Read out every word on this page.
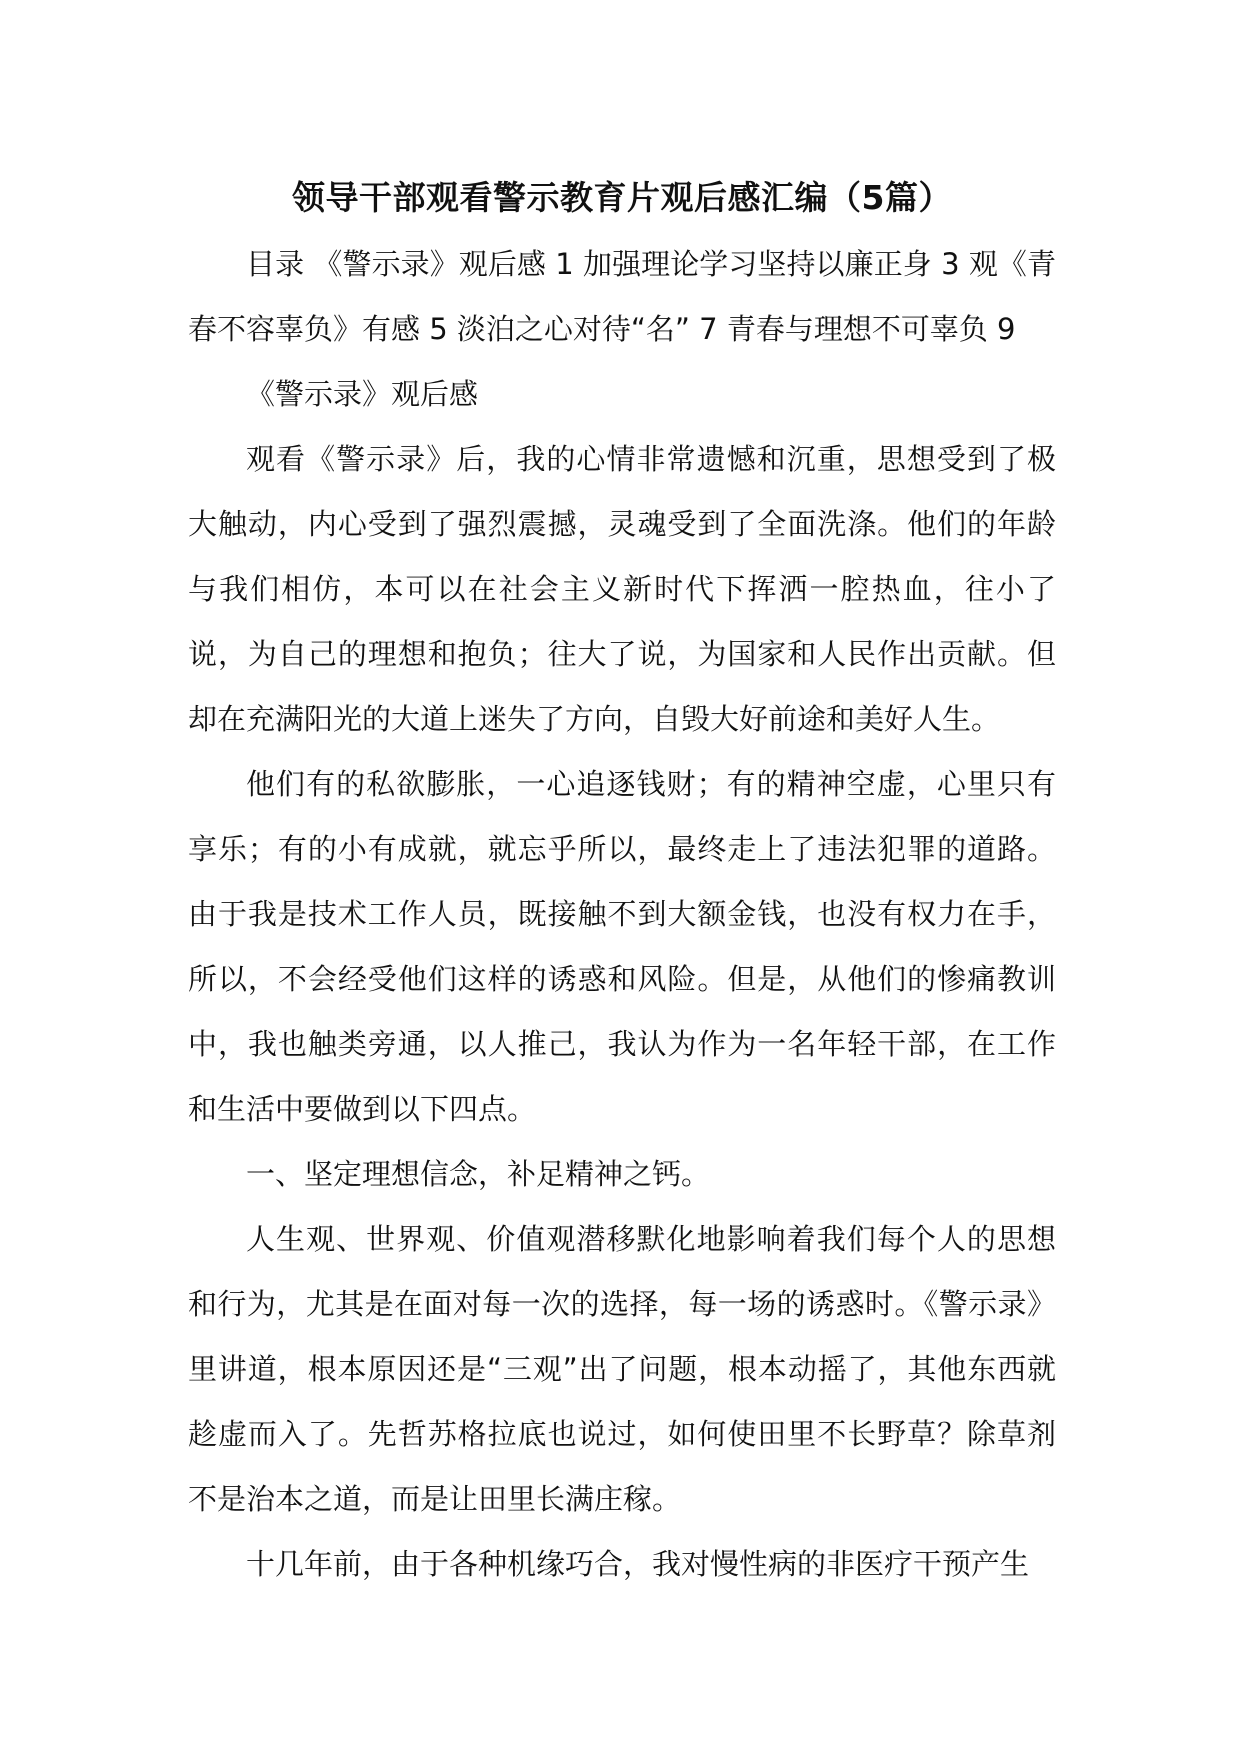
领导干部观看警示教育片观后感汇编（5篇）

目录 《警示录》观后感 1 加强理论学习坚持以廉正身 3 观《青春不容辜负》有感 5 淡泊之心对待“名” 7 青春与理想不可辜负 9

《警示录》观后感

观看《警示录》后，我的心情非常遗憾和沉重，思想受到了极大触动，内心受到了强烈震撼，灵魂受到了全面洗涤。他们的年龄与我们相仿，本可以在社会主义新时代下挥洒一腔热血，往小了说，为自己的理想和抱负；往大了说，为国家和人民作出贡献。但却在充满阳光的大道上迷失了方向，自毁大好前途和美好人生。

他们有的私欲膨胀，一心追逐钱财；有的精神空虚，心里只有享乐；有的小有成就，就忘乎所以，最终走上了违法犯罪的道路。由于我是技术工作人员，既接触不到大额金钱，也没有权力在手，所以，不会经受他们这样的诱惑和风险。但是，从他们的惨痛教训中，我也触类旁通，以人推己，我认为作为一名年轻干部，在工作和生活中要做到以下四点。

一、坚定理想信念，补足精神之钙。

人生观、世界观、价值观潜移默化地影响着我们每个人的思想和行为，尤其是在面对每一次的选择，每一场的诱惑时。《警示录》里讲道，根本原因还是“三观”出了问题，根本动摇了，其他东西就趁虚而入了。先哲苏格拉底也说过，如何使田里不长野草？除草剂不是治本之道，而是让田里长满庄稼。

十几年前，由于各种机缘巧合，我对慢性病的非医疗干预产生
